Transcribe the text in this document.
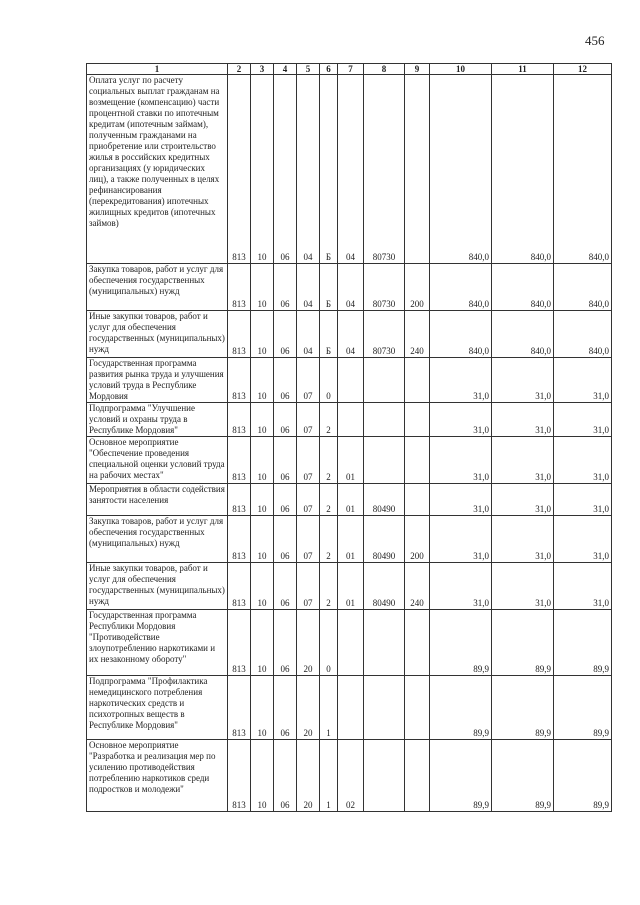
456
1	2	3	4	5	6	7	8	9	10	11	12
Оплата услуг по расчету социальных выплат гражданам на возмещение (компенсацию) части процентной ставки по ипотечным кредитам (ипотечным займам), полученным гражданами на приобретение или строительство жилья в российских кредитных организациях (у юридических лиц), а также полученных в целях рефинансирования (перекредитования) ипотечных жилищных кредитов (ипотечных займов)	813	10	06	04	Б	04	80730		840,0	840,0	840,0
Закупка товаров, работ и услуг для обеспечения государственных (муниципальных) нужд	813	10	06	04	Б	04	80730	200	840,0	840,0	840,0
Иные закупки товаров, работ и услуг для обеспечения государственных (муниципальных) нужд	813	10	06	04	Б	04	80730	240	840,0	840,0	840,0
Государственная программа развития рынка труда и улучшения условий труда в Республике Мордовия	813	10	06	07	0				31,0	31,0	31,0
Подпрограмма "Улучшение условий и охраны труда в Республике Мордовия"	813	10	06	07	2				31,0	31,0	31,0
Основное мероприятие "Обеспечение проведения специальной оценки условий труда на рабочих местах"	813	10	06	07	2	01			31,0	31,0	31,0
Мероприятия в области содействия занятости населения	813	10	06	07	2	01	80490		31,0	31,0	31,0
Закупка товаров, работ и услуг для обеспечения государственных (муниципальных) нужд	813	10	06	07	2	01	80490	200	31,0	31,0	31,0
Иные закупки товаров, работ и услуг для обеспечения государственных (муниципальных) нужд	813	10	06	07	2	01	80490	240	31,0	31,0	31,0
Государственная программа Республики Мордовия "Противодействие злоупотреблению наркотиками и их незаконному обороту"	813	10	06	20	0				89,9	89,9	89,9
Подпрограмма "Профилактика немедицинского потребления наркотических средств и психотропных веществ в Республике Мордовия"	813	10	06	20	1				89,9	89,9	89,9
Основное мероприятие "Разработка и реализация мер по усилению противодействия потреблению наркотиков среди подростков и молодежи"	813	10	06	20	1	02			89,9	89,9	89,9
